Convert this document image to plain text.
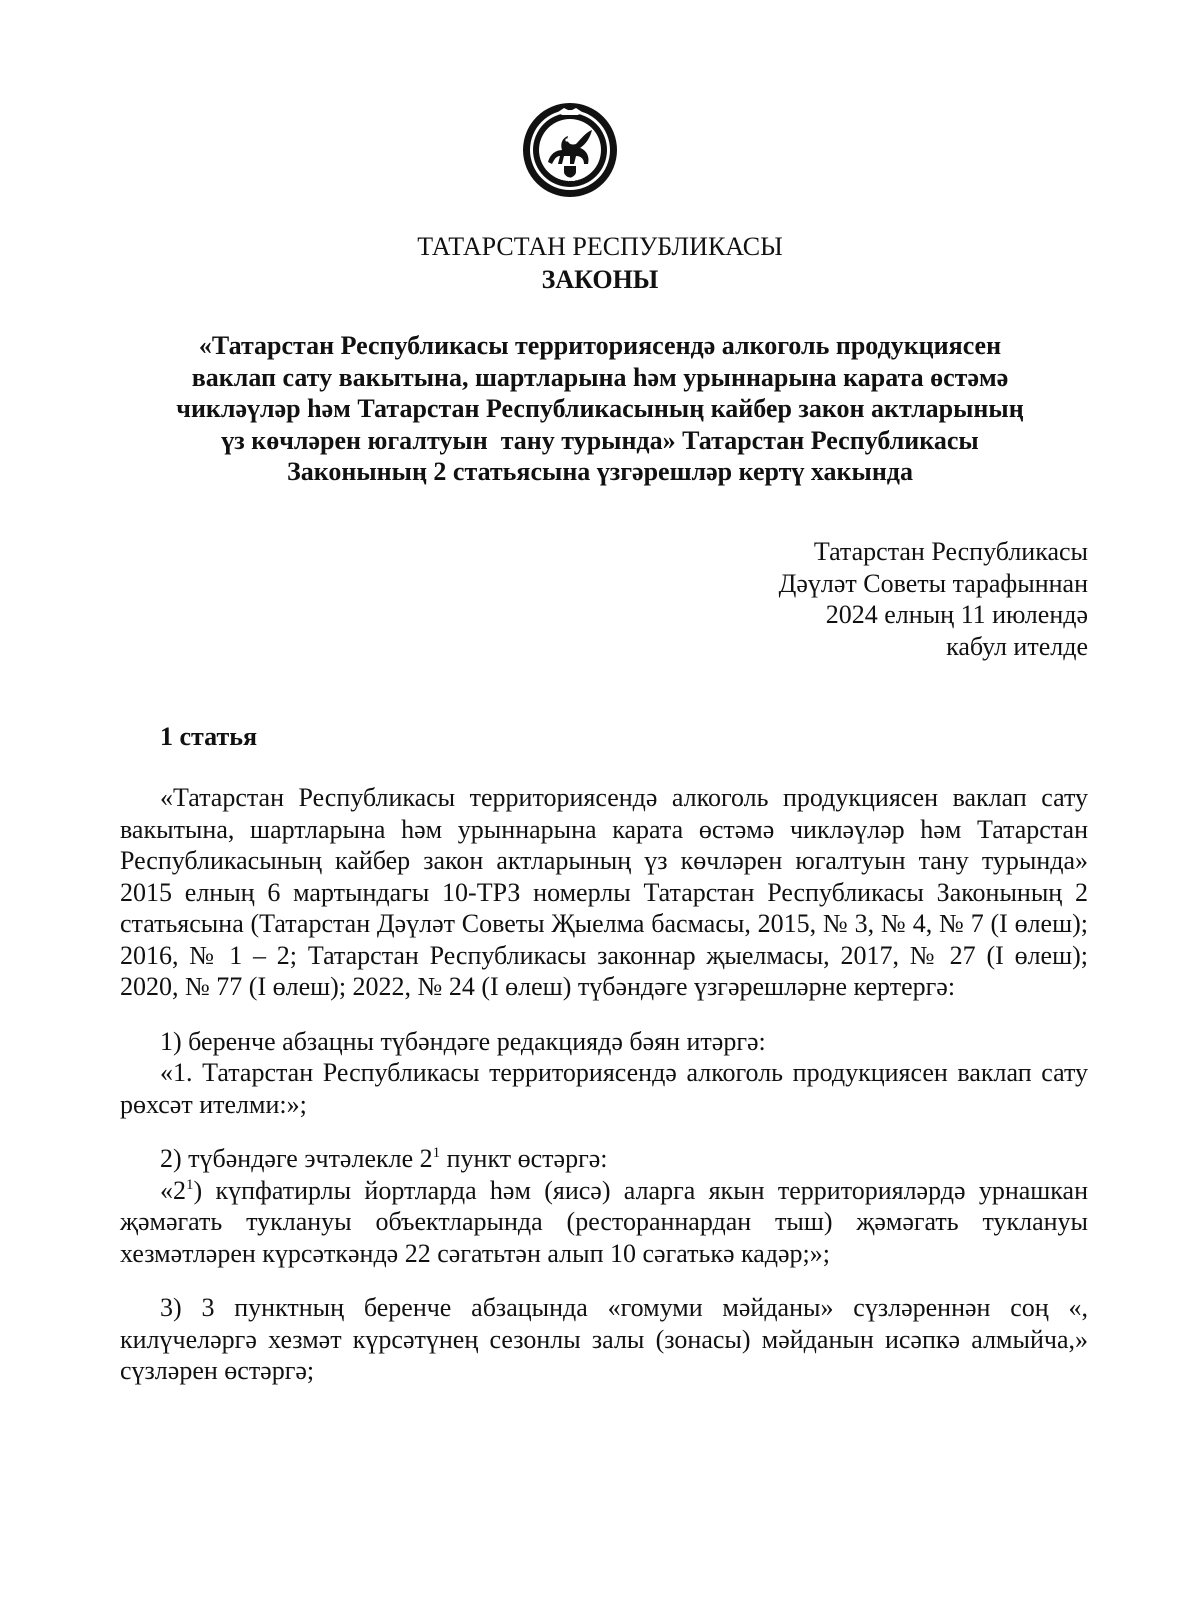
ТАТАРСТАН
ТАТАРСТАН РЕСПУБЛИКАСЫ
ЗАКОНЫ
«Татарстан Республикасы территориясендә алкоголь продукциясен
ваклап сату вакытына, шартларына һәм урыннарына карата өстәмә
чикләүләр һәм Татарстан Республикасының кайбер закон актларының
үз көчләрен югалтуын  тану турында» Татарстан Республикасы
Законының 2 статьясына үзгәрешләр кертү хакында
Татарстан Республикасы
Дәүләт Советы тарафыннан
2024 елның 11 июлендә
кабул ителде
1 статья

«Татарстан Республикасы территориясендә алкоголь продукциясен ваклап сату вакытына, шартларына һәм урыннарына карата өстәмә чикләүләр һәм Татарстан Республикасының кайбер закон актларының үз көчләрен югалтуын тану турында» 2015 елның 6 мартындагы 10-ТРЗ номерлы Татарстан Республикасы Законының 2 статьясына (Татарстан Дәүләт Советы Җыелма басмасы, 2015, № 3, № 4, № 7 (I өлеш); 2016, № 1 – 2; Татарстан Республикасы законнар җыелмасы, 2017, № 27 (I өлеш); 2020, № 77 (I өлеш); 2022, № 24 (I өлеш) түбәндәге үзгәрешләрне кертергә:

1) беренче абзацны түбәндәге редакциядә бәян итәргә:

«1. Татарстан Республикасы территориясендә алкоголь продукциясен ваклап сату рөхсәт ителми:»;

2) түбәндәге эчтәлекле $2^1$ пункт өстәргә:

«$2^1$) күпфатирлы йортларда һәм (яисә) аларга якын территорияләрдә урнашкан җәмәгать туклануы объектларында (рестораннардан тыш) җәмәгать туклануы хезмәтләрен күрсәткәндә 22 сәгатьтән алып 10 сәгатькә кадәр;»;

3) 3 пунктның беренче абзацында «гомуми мәйданы» сүзләреннән соң «, килүчеләргә хезмәт күрсәтүнең сезонлы залы (зонасы) мәйданын исәпкә алмыйча,» сүзләрен өстәргә;
